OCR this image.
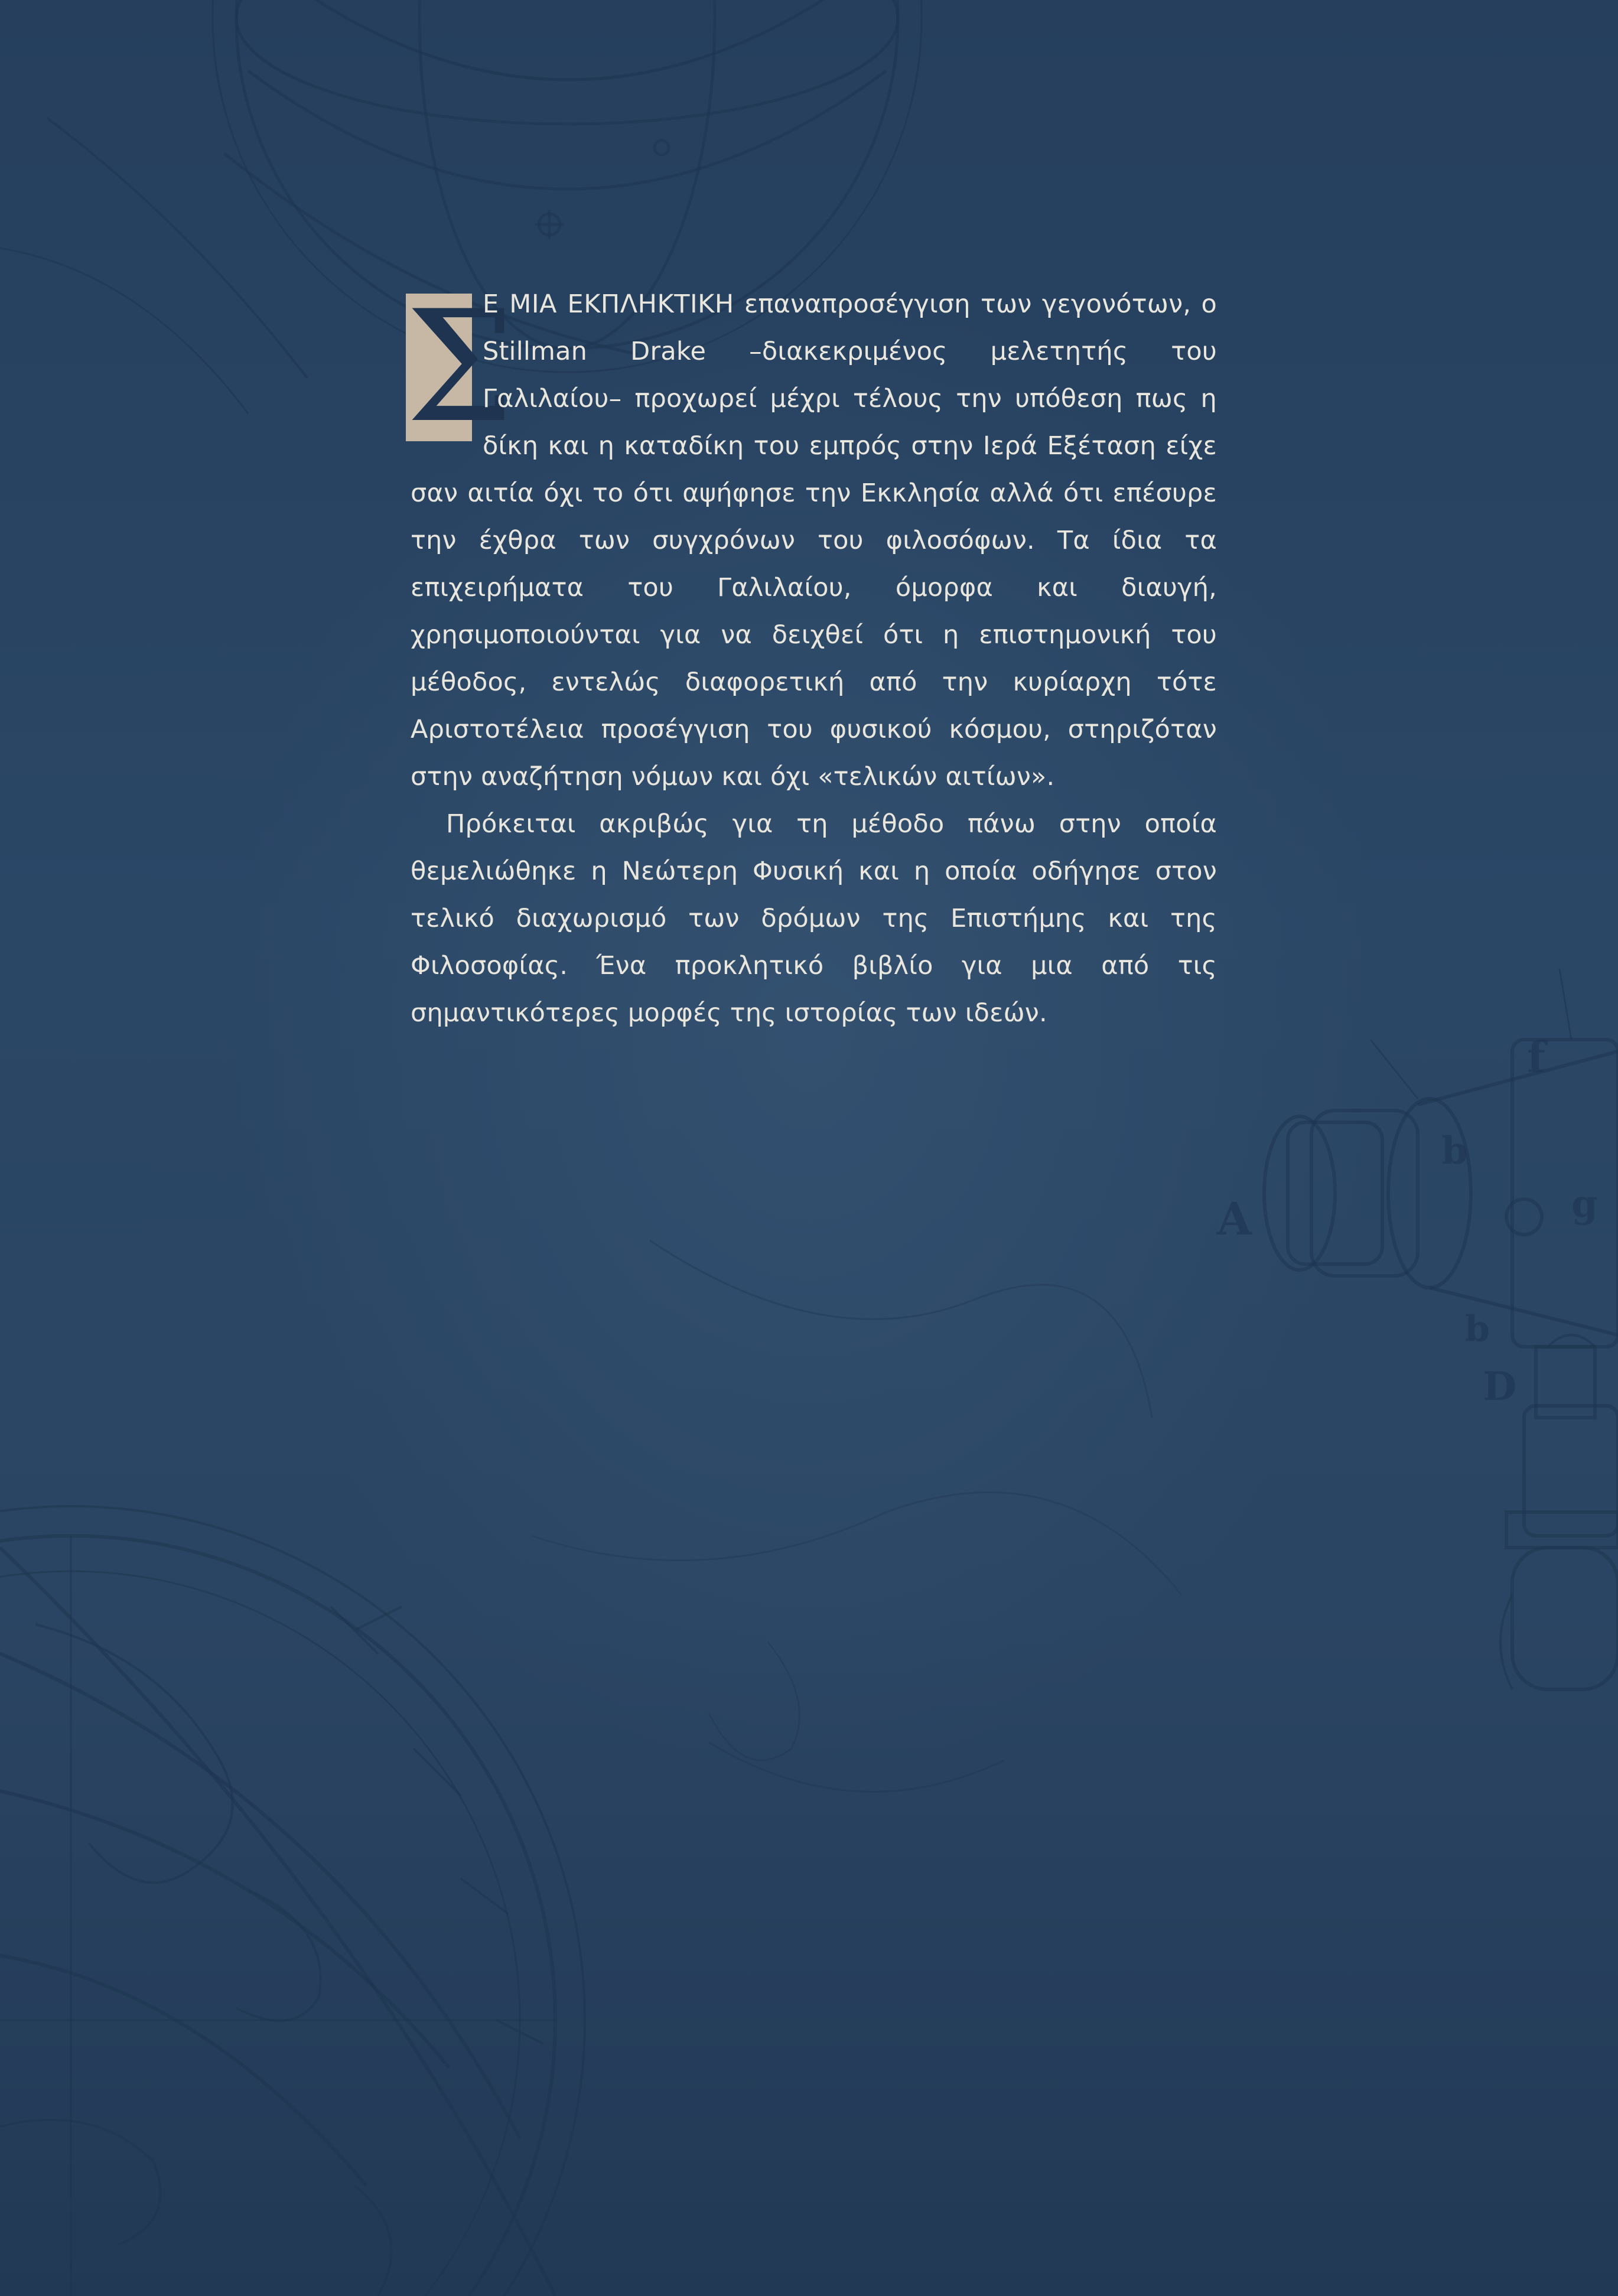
f
b
A	g
b
D

Σ
Ε ΜΙΑ ΕΚΠΛΗΚΤΙΚΗ επαναπροσέγγιση των γεγονότων, ο Stillman Drake –διακεκριμένος μελετητής του Γαλιλαίου– προχωρεί μέχρι τέλους την υπόθεση πως η δίκη και η καταδίκη του εμπρός στην Ιερά Εξέταση είχε σαν αιτία όχι το ότι αψήφησε την Εκκλησία αλλά ότι επέσυρε την έχθρα των συγχρόνων του φιλοσόφων. Τα ίδια τα επιχειρήματα του Γαλιλαίου, όμορφα και διαυγή, χρησιμοποιούνται για να δειχθεί ότι η επιστημονική του μέθοδος, εντελώς διαφορετική από την κυρίαρχη τότε Αριστοτέλεια προσέγγιση του φυσικού κόσμου, στηριζόταν στην αναζήτηση νόμων και όχι «τελικών αιτίων».

Πρόκειται ακριβώς για τη μέθοδο πάνω στην οποία θεμελιώθηκε η Νεώτερη Φυσική και η οποία οδήγησε στον τελικό διαχωρισμό των δρόμων της Επιστήμης και της Φιλοσοφίας. Ένα προκλητικό βιβλίο για μια από τις σημαντικότερες μορφές της ιστορίας των ιδεών.
